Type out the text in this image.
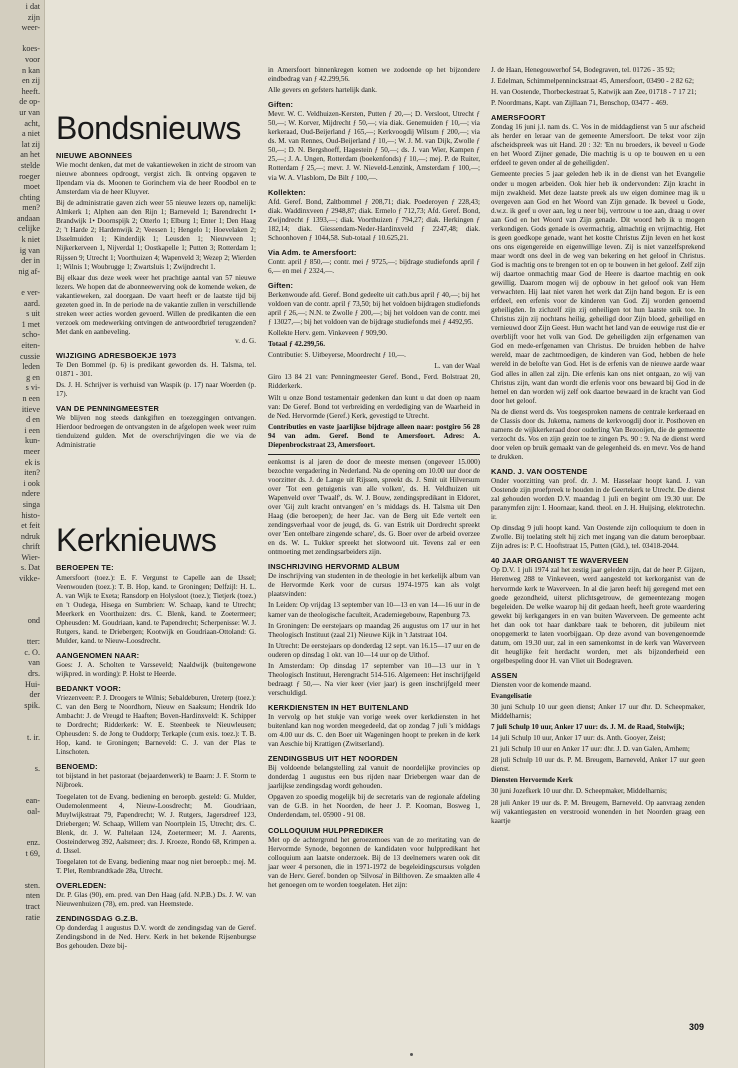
i dat
zijn
weer-

koes-
voor
n kan
en zij
heeft.
de op-
ur van
acht,
a niet
lat zij
an het
stelde
roeger
moet
chting
men?
andaan
celijke
k niet
ig van
der in
nig af-

e ver-
aard.
s uit
1 met
scho-
eiten-
cussie
leden
g en
s vi-
n een
itieve
d en
i een
kun-
meer
ek is
iten?
i ook
ndere
singa
histo-
et feit
ndruk
chrift
Wier-
s. Dat
vikke-
ond

tter:
c. O.
van
drs.
Hui-
der
spik.

t. ir.

s.

ean-
oal-

enz.
t 69,

sten.
nten
tract
ratie
Bondsnieuws
NIEUWE ABONNEES

Wie mocht denken, dat met de vakantieweken in zicht de stroom van nieuwe abonnees opdroogt, vergist zich. Ik ontving opgaven te Ilpendam via ds. Moonen te Gorinchem via de heer Roodbol en te Amsterdam via de heer Kluyver.

Bij de administratie gaven zich weer 55 nieuwe lezers op, namelijk: Almkerk 1; Alphen aan den Rijn 1; Barneveld 1; Barendrecht 1• Brandwijk 1• Doornspijk 2; Otterlo 1; Elburg 1; Enter 1; Den Haag 2; 't Harde 2; Hardenwijk 2; Veessen 1; Hengelo 1; Hoevelaken 2; IJsselmuiden 1; Kinderdijk 1; Leusden 1; Nieuwveen 1; Nijkerkerveen 1, Nijverdal 1; Oostkapelle 1; Putten 3; Rotterdam 1; Rijssen 9; Utrecht 1; Voorthuizen 4; Wapenveld 3; Wezep 2; Wierden 1; Wilnis 1; Woubrugge 1; Zwartsluis 1; Zwijndrecht 1.

Bij elkaar dus deze week weer het prachtige aantal van 57 nieuwe lezers. We hopen dat de abonneewerving ook de komende weken, de vakantieweken, zal doorgaan. De vaart heeft er de laatste tijd bij gezeten goed in. In de periode na de vakantie zullen in verschillende streken weer acties worden gevoerd. Willen de predikanten die een verzoek om medewerking ontvingen de antwoordbrief terugzenden? Met dank en aanbeveling.
v. d. G.

WIJZIGING ADRESBOEKJE 1973

Te Den Bommel (p. 6) is predikant geworden ds. H. Talsma, tel. 01871 - 301.

Ds. J. H. Schrijver is verhuisd van Waspik (p. 17) naar Woerden (p. 17).

VAN DE PENNINGMEESTER

We blijven nog steeds dankgiften en toezeggingen ontvangen. Hierdoor bedroegen de ontvangsten in de afgelopen week weer ruim tienduizend gulden. Met de overschrijvingen die we via de Administratie

Kerknieuws
BEROEPEN TE:

Amersfoort (toez.): E. F. Vergunst te Capelle aan de IJssel; Veenwouden (toez.): T. B. Hop, kand. te Groningen; Delfzijl: H. L. A. van Wijk te Exeta; Ransdorp en Holysloot (toez.); Tietjerk (toez.) en 't Oudega, Hisega en Sumbrien: W. Schaap, kand te Utrecht; Meerkerk en Voorthuizen: drs. C. Blenk, kand. te Zoetermeer; Opheusden: M. Goudriaan, kand. te Papendrecht; Scherpenisse: W. J. Rutgers, kand. te Driebergen; Kootwijk en Goudriaan-Ottoland: G. Mulder, kand. te Nieuw-Loosdrecht.

AANGENOMEN NAAR:

Goes: J. A. Scholten te Varsseveld; Naaldwijk (buitengewone wijkpred. in wording): P. Holst te Heerde.

BEDANKT VOOR:

Vriezenveen: P. J. Droogers te Wilnis; Sebaldeburen, Ureterp (toez.): C. van den Berg te Noordhorn, Nieuw en Saaksum; Hendrik Ido Ambacht: J. de Vreugd te Haaften; Boven-Hardinxveld: K. Schipper te Dordrecht; Ridderkerk: W. E. Steenbeek te Nieuwleusen; Opheusden: S. de Jong te Ouddorp; Terkaple (cum exis. toez.): T. B. Hop, kand. te Groningen; Barneveld: C. J. van der Plas te Linschoten.

BENOEMD:

tot bijstand in het pastoraat (bejaardenwerk) te Baarn: J. F. Storm te Nijbroek.

Toegelaten tot de Evang. bediening en beroepb. gesteld: G. Mulder, Oudemolenmeent 4, Nieuw-Loosdrecht; M. Goudriaan, Muylwijkstraat 79, Papendrecht; W. J. Rutgers, Jagersdreef 123, Driebergen; W. Schaap, Willem van Noortplein 15, Utrecht; drs. C. Blenk, dr. J. W. Paltelaan 124, Zoetermeer; M. J. Aarents, Oosteinderweg 392, Aalsmeer; drs. J. Kroeze, Rondo 68, Krimpen a. d. IJssel.

Toegelaten tot de Evang. bediening maar nog niet beroepb.: mej. M. T. Plet, Rembrandtkade 28a, Utrecht.

OVERLEDEN:

Dr. P. Glas (90), em. pred. van Den Haag (afd. N.P.B.) Ds. J. W. van Nieuwenhuizen (78), em. pred. van Heemstede.

ZENDINGSDAG G.Z.B.

Op donderdag 1 augustus D.V. wordt de zendingsdag van de Geref. Zendingsbond in de Ned. Herv. Kerk in het bekende Rijsenburgse Bos gehouden. Deze bij-

in Amersfoort binnenkregen komen we zodoende op het bijzondere eindbedrag van ƒ 42.299,56.

Alle gevers en gefsters hartelijk dank.

Giften:

Mevr. W. C. Veldhuizen-Kersten, Putten ƒ 20,—; D. Versloot, Utrecht ƒ 50,—; W. Korver, Mijdrecht ƒ 50,—; via diak. Genemuiden ƒ 10,—; via kerkeraad, Oud-Beijerland ƒ 165,—; Kerkvoogdij Wilsum ƒ 200,—; via ds. M. van Rennes, Oud-Beijerland ƒ 10,—; W. J. M. van Dijk, Zwolle ƒ 50,—; D. N. Bergshoeff, Hagestein ƒ 50,—; ds. J. van Wier, Kampen ƒ 25,—; J. A. Ungen, Rotterdam (boekenfonds) ƒ 10,—; mej. P. de Ruiter, Rotterdam ƒ 25,—; mevr. J. W. Nieveld-Lenzink, Amsterdam ƒ 100,—; via W. A. Vlasblom, De Bilt ƒ 100,—.

Kollekten:

Afd. Geref. Bond, Zaltbommel ƒ 208,71; diak. Poederoyen ƒ 228,43; diak. Waddinxveen ƒ 2948,87; diak. Ermelo ƒ 712,73; Afd. Geref. Bond, Zwijndrecht ƒ 1393,—; diak. Voorthuizen ƒ 794,27; diak. Herkingen ƒ 182,14; diak. Giessendam-Neder-Hardinxveld ƒ 2247,48; diak. Schoonhoven ƒ 1044,58. Sub-totaal ƒ 10.625,21.

Via Adm. te Amersfoort:

Contr. april ƒ 850,—; contr. mei ƒ 9725,—; bijdrage studiefonds april ƒ 6,— en mei ƒ 2324,—.

Giften:

Berkenwoude afd. Geref. Bond gedeelte uit cath.bus april ƒ 40,—; bij het voldoen van de contr. april ƒ 73,50; bij het voldoen bijdragen studiefonds april ƒ 26,—; N.N. te Zwolle ƒ 200,—; bij het voldoen van de contr. mei ƒ 13027,—; bij het voldoen van de bijdrage studiefonds mei ƒ 4492,95.

Kollekte Herv. gem. Vinkeveen ƒ 909,90.

Totaal ƒ 42.299,56.

Contributie: S. Uitbeyerse, Moordrecht ƒ 10,—.

L. van der Waal

Giro 13 84 21 van: Penningmeester Geref. Bond., Ferd. Bolstraat 20, Ridderkerk.

Wilt u onze Bond testamentair gedenken dan kunt u dat doen op naam van: De Geref. Bond tot verbreiding en verdediging van de Waarheid in de Ned. Hervormde (Geref.) Kerk, gevestigd te Utrecht.

Contributies en vaste jaarlijkse bijdrage alleen naar: postgiro 56 28 94 van adm. Geref. Bond te Amersfoort. Adres: A. Diepenbrockstraat 23, Amersfoort.

eenkomst is al jaren de door de meeste mensen (ongeveer 15.000) bezochte vergadering in Nederland. Na de opening om 10.00 uur door de voorzitter ds. J. de Lange uit Rijssen, spreekt ds. J. Smit uit Hilversum over 'Tot een getuigenis van alle volken', ds. H. Veldhuizen uit Wapenveld over 'Twaalf', ds. W. J. Bouw, zendingspredikant in Eldoret, over 'Gij zult kracht ontvangen' en 's middags ds. H. Talsma uit Den Haag (die beroepen); de heer Jac. van de Berg uit Ede vertelt een zendingsverhaal voor de jeugd, ds. G. van Estrik uit Dordrecht spreekt over 'Een ontelbare zingende schare', ds. G. Boer over de arbeid overzee en ds. W. L. Tukker spreekt het slotwoord uit. Tevens zal er een ontmoeting met zendingsarbeiders zijn.

INSCHRIJVING HERVORMD ALBUM

De inschrijving van studenten in de theologie in het kerkelijk album van de Hervormde Kerk voor de cursus 1974-1975 kan als volgt plaatsvinden:

In Leiden: Op vrijdag 13 september van 10—13 en van 14—16 uur in de kamer van de theologische faculteit, Academiegebouw, Rapenburg 73.

In Groningen: De eerstejaars op maandag 26 augustus om 17 uur in het Theologisch Instituut (zaal 21) Nieuwe Kijk in 't Jatstraat 104.

In Utrecht: De eerstejaars op donderdag 12 sept. van 16.15—17 uur en de ouderen op dinsdag 1 okt. van 10—14 uur op de Uithof.

In Amsterdam: Op dinsdag 17 september van 10—13 uur in 't Theologisch Instituut, Herengracht 514-516. Algemeen: Het inschrijfgeld bedraagt ƒ 50,—. Na vier keer (vier jaar) is geen inschrijfgeld meer verschuldigd.

KERKDIENSTEN IN HET BUITENLAND

In vervolg op het stukje van vorige week over kerkdiensten in het buitenland kan nog worden meegedeeld, dat op zondag 7 juli 's middags om 4.00 uur ds. C. den Boer uit Wageningen hoopt te preken in de kerk van Aeschie bij Krattigen (Zwitserland).

ZENDINGSBUS UIT HET NOORDEN

Bij voldoende belangstelling zal vanuit de noordelijke provincies op donderdag 1 augustus een bus rijden naar Driebergen waar dan de jaarlijkse zendingsdag wordt gehouden.

Opgaven zo spoedig mogelijk bij de secretaris van de regionale afdeling van de G.B. in het Noorden, de heer J. P. Kooman, Bosweg 1, Onderdendam, tel. 05900 - 91 08.

COLLOQUIUM HULPPREDIKER

Met op de achtergrond het geroezemoes van de zo meritating van de Hervormde Synode, begonnen de kandidaten voor hulppredikant het colloquium aan laatste onderzoek. Bij de 13 deelnemers waren ook dit jaar weer 4 personen, die in 1971-1972 de begeleidingscursus volgden van de Herv. Geref. bonden op 'Silvosa' in Bilthoven. Ze smaakten alle 4 het genoegen om te worden toegelaten. Het zijn:

J. de Haan, Henegouwerhof 54, Bodegraven, tel. 01726 - 35 92;

J. Edelman, Schimmelpenninckstraat 45, Amersfoort, 03490 - 2 82 62;

H. van Oostende, Thorbeckestraat 5, Katwijk aan Zee, 01718 - 7 17 21;

P. Noordmans, Kapt. van Zijllaan 71, Benschop, 03477 - 469.

AMERSFOORT

Zondag 16 juni j.l. nam ds. C. Vos in de middagdienst van 5 uur afscheid als herder en leraar van de gemeente Amersfoort. De tekst voor zijn afscheidspreek was uit Hand. 20 : 32: 'En nu broeders, ik beveel u Gode en het Woord Zijner genade, Die machtig is u op te bouwen en u een erfdeel te geven onder al de geheiligden'.

Gemeente precies 5 jaar geleden heb ik in de dienst van het Evangelie onder u mogen arbeiden. Ook hier heb ik ondervonden: Zijn kracht in mijn zwakheid. Met deze laatste preek als uw eigen dominee mag ik u overgeven aan God en het Woord van Zijn genade. Ik beveel u Gode, d.w.z. ik geef u over aan, leg u neer bij, vertrouw u toe aan, draag u over aan God en het Woord van Zijn genade. Dit woord heb ik u mogen verkondigen. Gods genade is overmachtig, almachtig en vrijmachtig. Het is geen goedkope genade, want het kostte Christus Zijn leven en het kost ons ons eigengereide en eigenwillige leven. Zij is niet vanzelfsprekend maar wordt ons deel in de weg van bekering en het geloof in Christus. God is machtig ons te brengen tot en op te bouwen in het geloof. Zelf zijn wij daartoe onmachtig maar God de Heere is daartoe machtig en ook gewillig. Daarom mogen wij de opbouw in het geloof ook van Hem verwachten. Hij laat niet varen het werk dat Zijn hand begon. Er is een erfdeel, een erfenis voor de kinderen van God. Zij worden genoemd geheiligden. In zichzelf zijn zij onheiligen tot hun laatste snik toe. In Christus zijn zij nochtans heilig, geheiligd door Zijn bloed, geheiligd en vernieuwd door Zijn Geest. Hun wacht het land van de eeuwige rust die er overblijft voor het volk van God. De geheiligden zijn erfgenamen van God en mede-erfgenamen van Christus. De bruiden hebben de halve wereld, maar de zachtmoedigen, de kinderen van God, hebben de hele wereld in de belofte van God. Het is de erfenis van de nieuwe aarde waar God alles in allen zal zijn. Die erfenis kan ons niet ontgaan, zo wij van Christus zijn, want dan wordt die erfenis voor ons bewaard bij God in de hemel en dan worden wij zelf ook daartoe bewaard in de kracht van God door het geloof.

Na de dienst werd ds. Vos toegesproken namens de centrale kerkeraad en de Classis door ds. Jukema, namens de kerkvoogdij door ir. Posthoven en namens de wijkkerkeraad door ouderling Van Bezooijen, die de gemeente verzocht ds. Vos en zijn gezin toe te zingen Ps. 90 : 9. Na de dienst werd door velen op bruik gemaakt van de gelegenheid ds. en mevr. Vos de hand te drukken.

KAND. J. VAN OOSTENDE

Onder voorzitting van prof. dr. J. M. Hasselaar hoopt kand. J. van Oostende zijn proefpreek te houden in de Geertekerk te Utrecht. De dienst zal gehouden worden D.V. maandag 1 juli en begint om 19.30 uur. De paranymfen zijn: I. Hoornaar, kand. theol. en J. H. Huijsing, elektrotechn. ir.

Op dinsdag 9 juli hoopt kand. Van Oostende zijn colloquium te doen in Zwolle. Bij toelating stelt hij zich met ingang van die datum beroepbaar. Zijn adres is: P. C. Hooftstraat 15, Putten (Gld.), tel. 03418-2044.

40 JAAR ORGANIST TE WAVERVEEN

Op D.V. 1 juli 1974 zal het zestig jaar geleden zijn, dat de heer P. Gijzen, Herenweg 288 te Vinkeveen, werd aangesteld tot kerkorganist van de hervormde kerk te Waverveen. In al die jaren heeft hij geregend met een goede gezondheid, uiterst plichtsgetrouw, de gemeentezang mogen begeleiden. De welke waarop hij dit gedaan heeft, heeft grote waardering gewekt bij kerkgangers in en van buiten Waverveen. De gemeente acht het dan ook tot haar dankbare taak te behoren, dit jubileum niet onopgemerkt te laten voorbijgaan. Op deze avond van bovengenoemde datum, om 19.30 uur, zal in een samenkomst in de kerk van Waverveen dit heuglijke feit herdacht worden, met als bijzonderheid een orgelbespeling door H. van Vliet uit Bodegraven.

ASSEN

Diensten voor de komende maand.

Evangelisatie

30 juni Schulp 10 uur geen dienst; Anker 17 uur dhr. D. Scheepmaker, Middelharnis;

7 juli Schulp 10 uur, Anker 17 uur: ds. J. M. de Raad, Stolwijk;

14 juli Schulp 10 uur, Anker 17 uur: ds. Anth. Gooyer, Zeist;

21 juli Schulp 10 uur en Anker 17 uur: dhr. J. D. van Galen, Arnhem;

28 juli Schulp 10 uur ds. P. M. Breugem, Barneveld, Anker 17 uur geen dienst.

Diensten Hervormde Kerk

30 juni Jozefkerk 10 uur dhr. D. Scheepmaker, Middelharnis;

28 juli Anker 19 uur ds. P. M. Breugem, Barneveld. Op aanvraag zenden wij vakantiegasten en verstrooid wonenden in het Noorden graag een kaartje

309
